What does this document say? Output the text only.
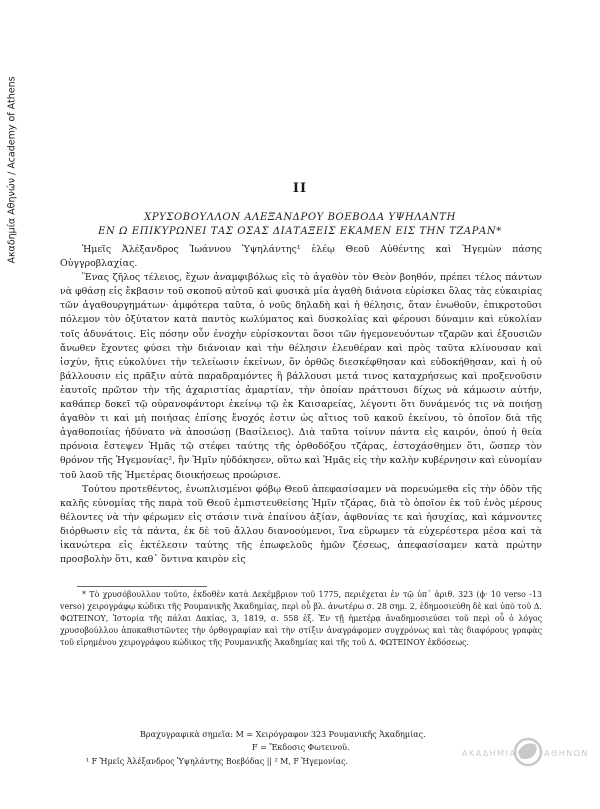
Ακαδημία Αθηνών / Academy of Athens	II
ΧΡΥΣΟΒΟΥΛΛΟΝ ΑΛΕΞΑΝΔΡΟΥ ΒΟΕΒΟΔΑ ΥΨΗΛΑΝΤΗ
ΕΝ Ω ΕΠΙΚΥΡΩΝΕΙ ΤΑΣ ΟΣΑΣ ΔΙΑΤΑΞΕΙΣ ΕΚΑΜΕΝ ΕΙΣ ΤΗΝ ΤΖΑΡΑΝ*

Ἡμεῖς Ἀλέξανδρος Ἰωάννου Ὑψηλάντης¹ ἐλέῳ Θεοῦ Αὐθέντης καὶ Ἡγεμὼν πάσης Οὐγγροβλαχίας.

Ἕνας ζῆλος τέλειος, ἔχων ἀναμφιβόλως εἰς τὸ ἀγαθὸν τὸν Θεὸν βοηθόν, πρέπει τέλος πάντων νὰ φθάσῃ εἰς ἔκβασιν τοῦ σκοποῦ αὐτοῦ καὶ φυσικὰ μία ἀγαθὴ διάνοια εὑρίσκει ὅλας τὰς εὐκαιρίας τῶν ἀγαθουργημάτων· ἀμφότερα ταῦτα, ὁ νοῦς δηλαδὴ καὶ ἡ θέλησις, ὅταν ἑνωθοῦν, ἐπικροτοῦσι πόλεμον τὸν ὀξύτατον κατὰ παντὸς κωλύματος καὶ δυσκολίας καὶ φέρουσι δύναμιν καὶ εὐκολίαν τοῖς ἀδυνάτοις. Εἰς πόσην οὖν ἐνοχὴν εὑρίσκονται ὅσοι τῶν ἡγεμονευόντων τζαρῶν καὶ ἐξουσιῶν ἄνωθεν ἔχοντες φύσει τὴν διάνοιαν καὶ τὴν θέλησιν ἐλευθέραν καὶ πρὸς ταῦτα κλίνουσαν καὶ ἰσχύν, ἥτις εὐκολύνει τὴν τελείωσιν ἐκείνων, ὅν ὀρθῶς διεσκέφθησαν καὶ εὐδοκήθησαν, καὶ ἡ οὐ βάλλουσιν εἰς πρᾶξιν αὐτὰ παραδραμόντες ἢ βάλλουσι μετά τινος καταχρήσεως καὶ προξενοῦσιν ἑαυτοῖς πρῶτον τὴν τῆς ἀχαριστίας ἁμαρτίαν, τὴν ὁποίαν πράττουσι δίχως νὰ κάμωσιν αὐτήν, καθάπερ δοκεῖ τῷ οὐρανοφάντορι ἐκείνῳ τῷ ἐκ Καισαρείας, λέγοντι ὅτι δυνάμενός τις νὰ ποιήσῃ ἀγαθὸν τι καὶ μὴ ποιήσας ἐπίσης ἔνοχός ἐστιν ὡς αἴτιος τοῦ κακοῦ ἐκείνου, τὸ ὁποῖον διὰ τῆς ἀγαθοποιίας ἠδύνατο νὰ ἀποσώσῃ (Βασίλειος). Διὰ ταῦτα τοίνυν πάντα εἰς καιρόν, ὁπού ἡ θεία πρόνοια ἔστεψεν Ἡμᾶς τῷ στέφει ταύτης τῆς ὀρθοδόξου τζάρας, ἐστοχάσθημεν ὅτι, ὥσπερ τὸν θρόνον τῆς Ἡγεμονίας², ἣν Ἡμῖν ηὐδόκησεν, οὕτω καὶ Ἡμᾶς εἰς τὴν καλὴν κυβέρνησιν καὶ εὐνομίαν τοῦ λαοῦ τῆς Ἡμετέρας διοικήσεως προώρισε.

Τούτου προτεθέντος, ἐνωπλισμένοι φόβῳ Θεοῦ ἀπεφασίσαμεν νὰ πορευώμεθα εἰς τὴν ὁδὸν τῆς καλῆς εὐνομίας τῆς παρὰ τοῦ Θεοῦ ἐμπιστευθείσης Ἡμῖν τζάρας, διὰ τὸ ὁποῖον ἐκ τοῦ ἑνὸς μέρους θέλοντες νὰ τὴν φέρωμεν εἰς στάσιν τινὰ ἐπαίνου ἀξίαν, ἀφθονίας τε καὶ ἡσυχίας, καὶ κάμνοντες διόρθωσιν εἰς τὰ πάντα, ἐκ δὲ τοῦ ἄλλου διανοούμενοι, ἵνα εὕρωμεν τὰ εὐχερέστερα μέσα καὶ τὰ ἱκανώτερα εἰς ἐκτέλεσιν ταύτης τῆς ἐπωφελοῦς ἡμῶν ζέσεως, ἀπεφασίσαμεν κατὰ πρώτην προσβολὴν ὅτι, καθ᾽ ὅντινα καιρὸν εἰς

* Τὸ χρυσόβουλλον τοῦτο, ἐκδοθὲν κατὰ Δεκέμβριον τοῦ 1775, περιέχεται ἐν τῷ ὑπ᾽ ἀριθ. 323 (ϕ· 10 verso -13 verso) χειρογράφῳ κώδικι τῆς Ρουμανικῆς Ἀκαδημίας, περὶ οὗ βλ. ἀνωτέρω σ. 28 σημ. 2, ἐδημοσιεύθη δὲ καὶ ὑπὸ τοῦ Δ. ΦΩΤΕΙΝΟΥ, Ἱστορία τῆς πάλαι Δακίας, 3, 1819, σ. 558 ἑξ. Ἐν τῇ ἡμετέρᾳ ἀναδημοσιεύσει τοῦ περὶ οὗ ὁ λόγος χρυσοβούλλου ἀποκαθιστῶντες τὴν ὀρθογραφίαν καὶ τὴν στίξιν ἀναγράφομεν συγχρόνως καὶ τὰς διαφόρους γραφὰς τοῦ εἰρημένου χειρογράφου κώδικος τῆς Ρουμανικῆς Ἀκαδημίας καὶ τῆς τοῦ Δ. ΦΩΤΕΙΝΟΥ ἐκδόσεως.

Βραχυγραφικὰ σημεῖα: M = Χειρόγραφον 323 Ρουμανικῆς Ἀκαδημίας.
F = Ἔκδοσις Φωτεινοῦ.
¹ F Ἡμεῖς Ἀλέξανδρος Ὑψηλάντης Βοεβόδας || ² M, F Ἡγεμονίας.
ΑΚΑΔΗΜΙΑ	ΑΘΗΝΩΝ
